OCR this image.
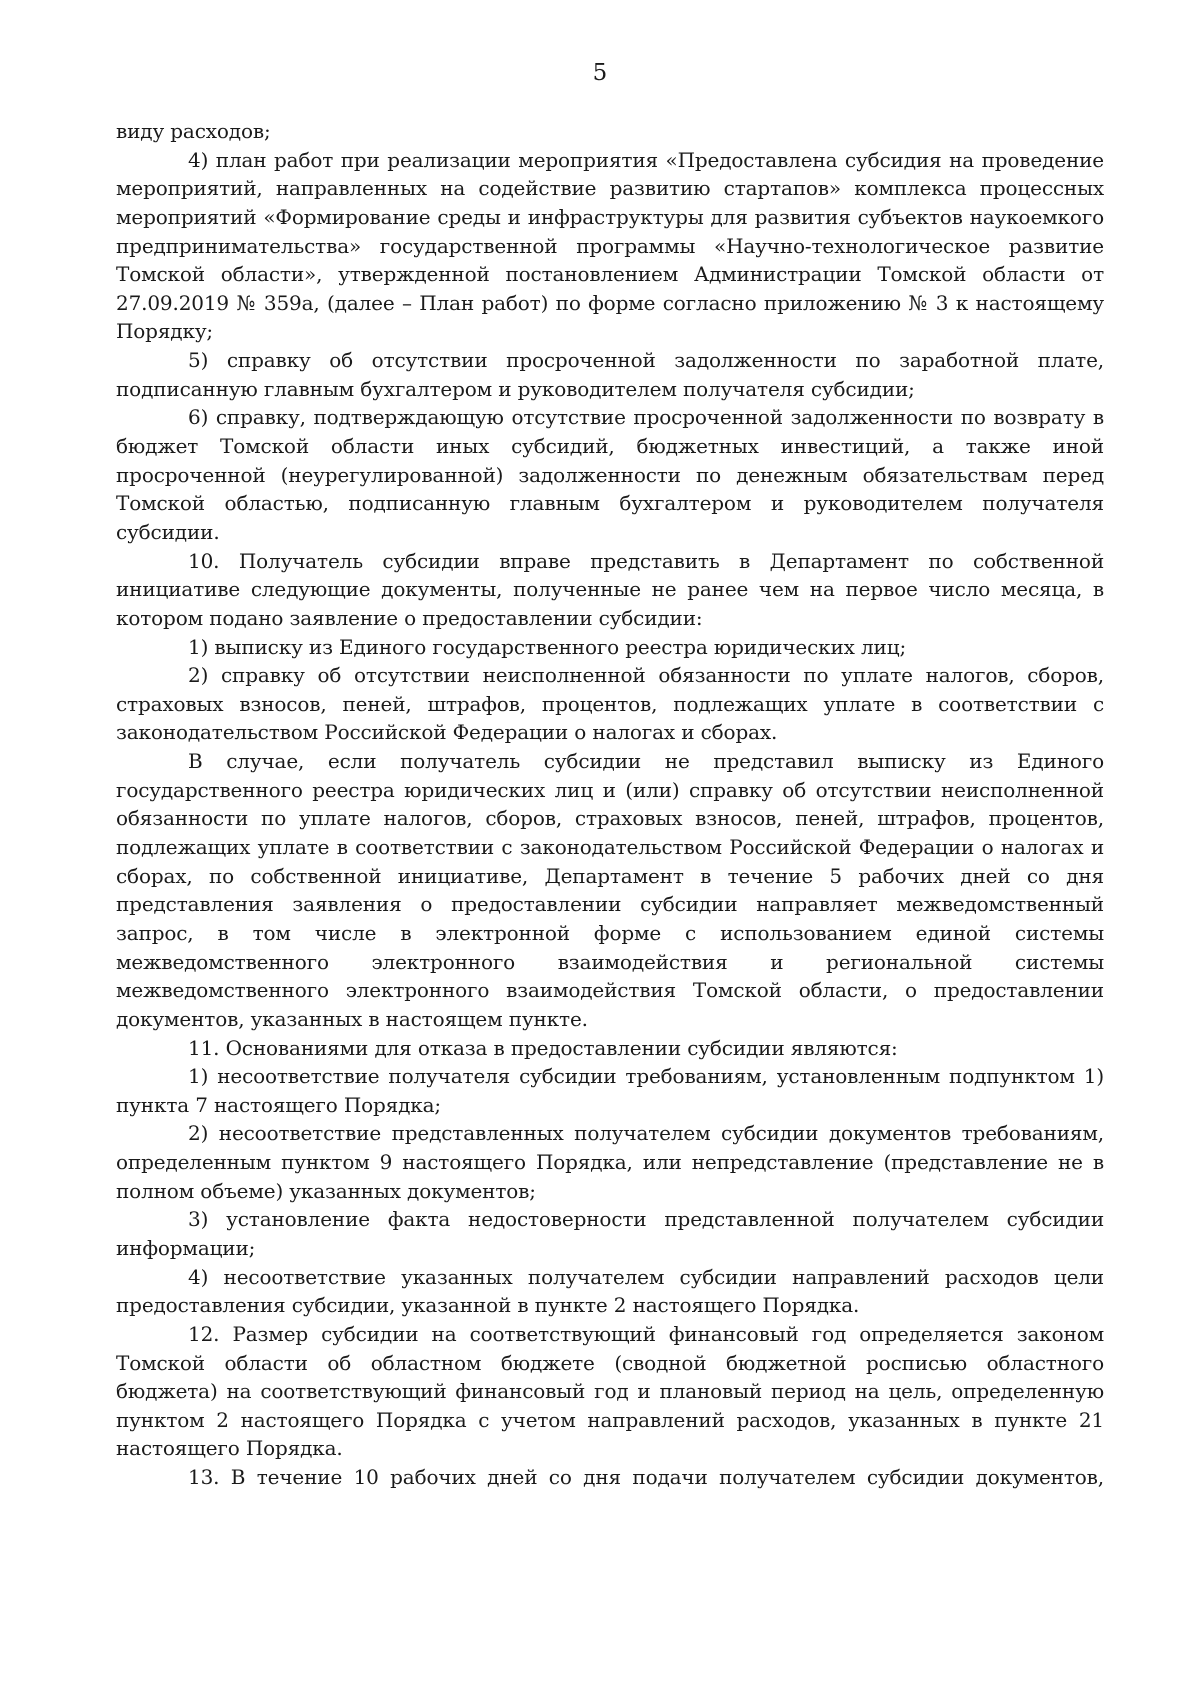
5

виду расходов;

4) план работ при реализации мероприятия «Предоставлена субсидия на проведение мероприятий, направленных на содействие развитию стартапов» комплекса процессных мероприятий «Формирование среды и инфраструктуры для развития субъектов наукоемкого предпринимательства» государственной программы «Научно-технологическое развитие Томской области», утвержденной постановлением Администрации Томской области от 27.09.2019 № 359а, (далее – План работ) по форме согласно приложению № 3 к настоящему Порядку;

5) справку об отсутствии просроченной задолженности по заработной плате, подписанную главным бухгалтером и руководителем получателя субсидии;

6) справку, подтверждающую отсутствие просроченной задолженности по возврату в бюджет Томской области иных субсидий, бюджетных инвестиций, а также иной просроченной (неурегулированной) задолженности по денежным обязательствам перед Томской областью, подписанную главным бухгалтером и руководителем получателя субсидии.

10. Получатель субсидии вправе представить в Департамент по собственной инициативе следующие документы, полученные не ранее чем на первое число месяца, в котором подано заявление о предоставлении субсидии:

1) выписку из Единого государственного реестра юридических лиц;

2) справку об отсутствии неисполненной обязанности по уплате налогов, сборов, страховых взносов, пеней, штрафов, процентов, подлежащих уплате в соответствии с законодательством Российской Федерации о налогах и сборах.

В случае, если получатель субсидии не представил выписку из Единого государственного реестра юридических лиц и (или) справку об отсутствии неисполненной обязанности по уплате налогов, сборов, страховых взносов, пеней, штрафов, процентов, подлежащих уплате в соответствии с законодательством Российской Федерации о налогах и сборах, по собственной инициативе, Департамент в течение 5 рабочих дней со дня представления заявления о предоставлении субсидии направляет межведомственный запрос, в том числе в электронной форме с использованием единой системы межведомственного электронного взаимодействия и региональной системы межведомственного электронного взаимодействия Томской области, о предоставлении документов, указанных в настоящем пункте.

11. Основаниями для отказа в предоставлении субсидии являются:

1) несоответствие получателя субсидии требованиям, установленным подпунктом 1) пункта 7 настоящего Порядка;

2) несоответствие представленных получателем субсидии документов требованиям, определенным пунктом 9 настоящего Порядка, или непредставление (представление не в полном объеме) указанных документов;

3) установление факта недостоверности представленной получателем субсидии информации;

4) несоответствие указанных получателем субсидии направлений расходов цели предоставления субсидии, указанной в пункте 2 настоящего Порядка.

12. Размер субсидии на соответствующий финансовый год определяется законом Томской области об областном бюджете (сводной бюджетной росписью областного бюджета) на соответствующий финансовый год и плановый период на цель, определенную пунктом 2 настоящего Порядка с учетом направлений расходов, указанных в пункте 21 настоящего Порядка.

13. В течение 10 рабочих дней со дня подачи получателем субсидии документов,
